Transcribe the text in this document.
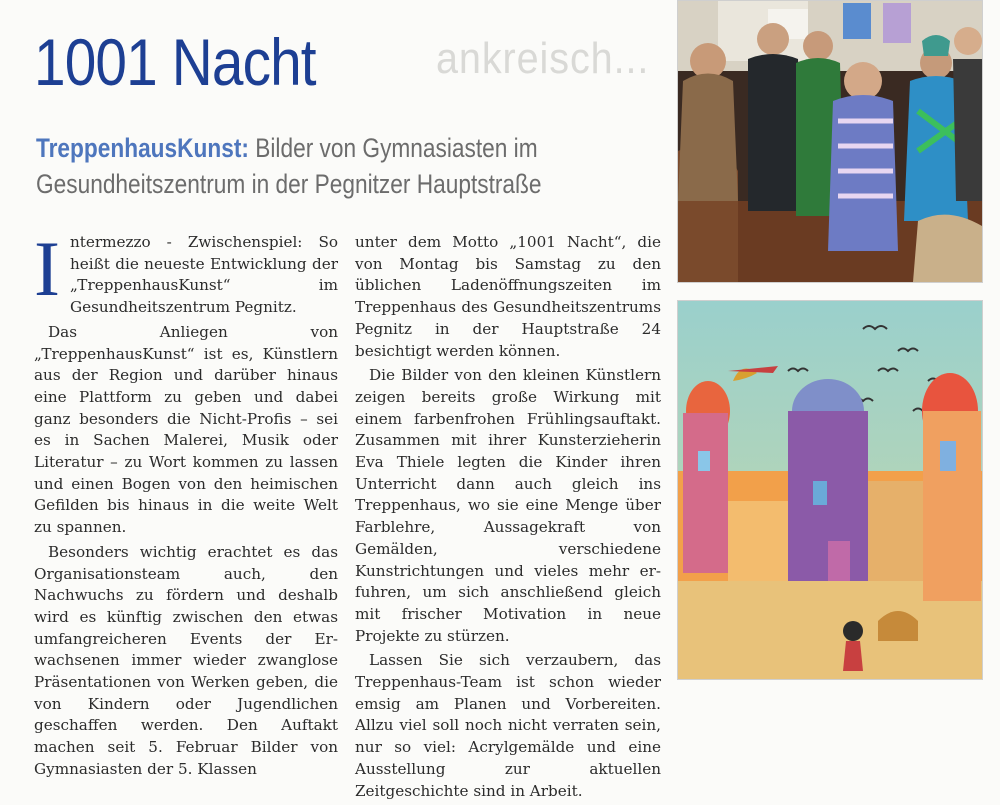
1001 Nacht	ankreisch...
TreppenhausKunst: Bilder von Gymnasiasten im Gesundheitszentrum in der Pegnitzer Hauptstraße

Intermezzo - Zwischenspiel: So heißt die neueste Entwicklung der „TreppenhausKunst“ im Gesundheitszentrum Pegnitz.

Das Anliegen von „TreppenhausKunst“ ist es, Künstlern aus der Region und darüber hinaus eine Plattform zu geben und dabei ganz besonders die Nicht-Profis – sei es in Sachen Malerei, Musik oder Literatur – zu Wort kommen zu lassen und einen Bogen von den heimischen Gefilden bis hinaus in die weite Welt zu spannen.

Besonders wichtig erachtet es das Organisationsteam auch, den Nachwuchs zu fördern und deshalb wird es künftig zwischen den etwas umfangreicheren Events der Erwachsenen immer wieder zwanglose Präsentationen von Werken geben, die von Kindern oder Jugendlichen geschaffen werden. Den Auftakt machen seit 5. Februar Bilder von Gymnasiasten der 5. Klassen

unter dem Motto „1001 Nacht“, die von Montag bis Samstag zu den üblichen Ladenöffnungszeiten im Treppenhaus des Gesundheitszentrums Pegnitz in der Hauptstraße 24 besichtigt werden können.

Die Bilder von den kleinen Künstlern zeigen bereits große Wirkung mit einem farbenfrohen Frühlingsauftakt. Zusammen mit ihrer Kunsterzieherin Eva Thiele legten die Kinder ihren Unterricht dann auch gleich ins Treppenhaus, wo sie eine Menge über Farblehre, Aussagekraft von Gemälden, verschiedene Kunstrichtungen und vieles mehr erfuhren, um sich anschließend gleich mit frischer Motivation in neue Projekte zu stürzen.

Lassen Sie sich verzaubern, das Treppenhaus-Team ist schon wieder emsig am Planen und Vorbereiten. Allzu viel soll noch nicht verraten sein, nur so viel: Acrylgemälde und eine Ausstellung zur aktuellen Zeitgeschichte sind in Arbeit.
